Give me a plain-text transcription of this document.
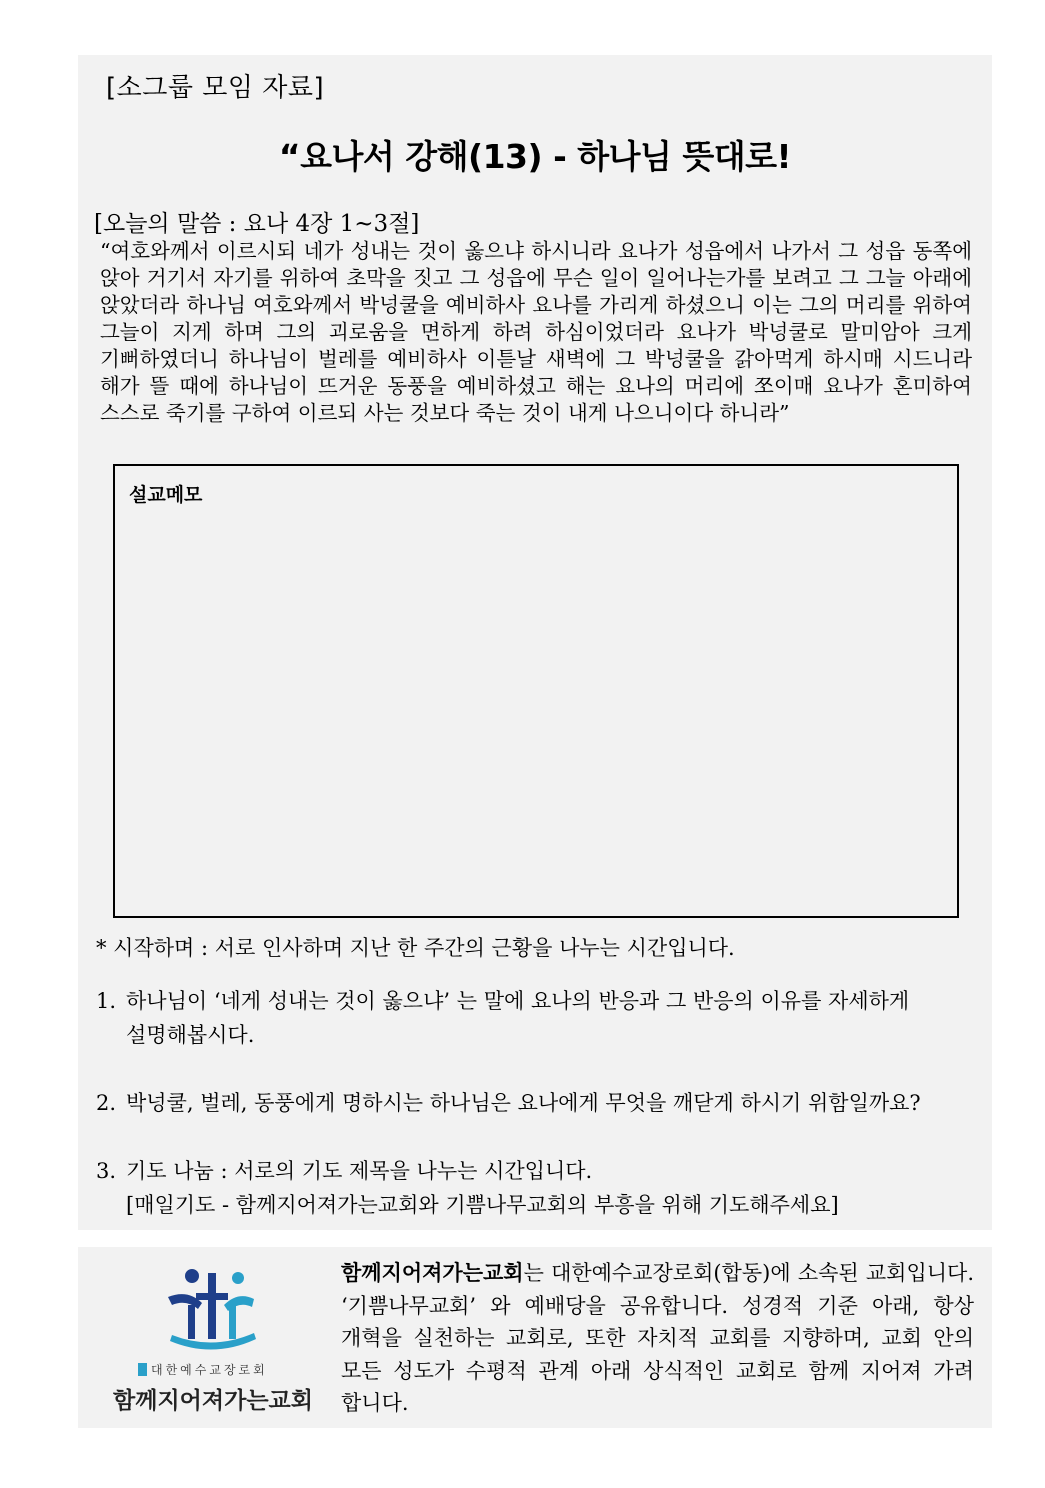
[소그룹 모임 자료]
“요나서 강해(13) - 하나님 뜻대로!
[오늘의 말씀 : 요나 4장 1~3절]
“여호와께서 이르시되 네가 성내는 것이 옳으냐 하시니라 요나가 성읍에서 나가서 그 성읍 동쪽에 앉아 거기서 자기를 위하여 초막을 짓고 그 성읍에 무슨 일이 일어나는가를 보려고 그 그늘 아래에 앉았더라 하나님 여호와께서 박넝쿨을 예비하사 요나를 가리게 하셨으니 이는 그의 머리를 위하여 그늘이 지게 하며 그의 괴로움을 면하게 하려 하심이었더라 요나가 박넝쿨로 말미암아 크게 기뻐하였더니 하나님이 벌레를 예비하사 이튿날 새벽에 그 박넝쿨을 갉아먹게 하시매 시드니라 해가 뜰 때에 하나님이 뜨거운 동풍을 예비하셨고 해는 요나의 머리에 쪼이매 요나가 혼미하여 스스로 죽기를 구하여 이르되 사는 것보다 죽는 것이 내게 나으니이다 하니라”
설교메모
* 시작하며 : 서로 인사하며 지난 한 주간의 근황을 나누는 시간입니다.
1. 하나님이 ‘네게 성내는 것이 옳으냐’ 는 말에 요나의 반응과 그 반응의 이유를 자세하게
설명해봅시다.
2. 박넝쿨, 벌레, 동풍에게 명하시는 하나님은 요나에게 무엇을 깨닫게 하시기 위함일까요?
3. 기도 나눔 : 서로의 기도 제목을 나누는 시간입니다.
[매일기도 - 함께지어져가는교회와 기쁨나무교회의 부흥을 위해 기도해주세요]
대한예수교장로회
함께지어져가는교회
함께지어져가는교회는 대한예수교장로회(합동)에 소속된 교회입니다. ‘기쁨나무교회’ 와 예배당을 공유합니다. 성경적 기준 아래, 항상 개혁을 실천하는 교회로, 또한 자치적 교회를 지향하며, 교회 안의 모든 성도가 수평적 관계 아래 상식적인 교회로 함께 지어져 가려 합니다.
